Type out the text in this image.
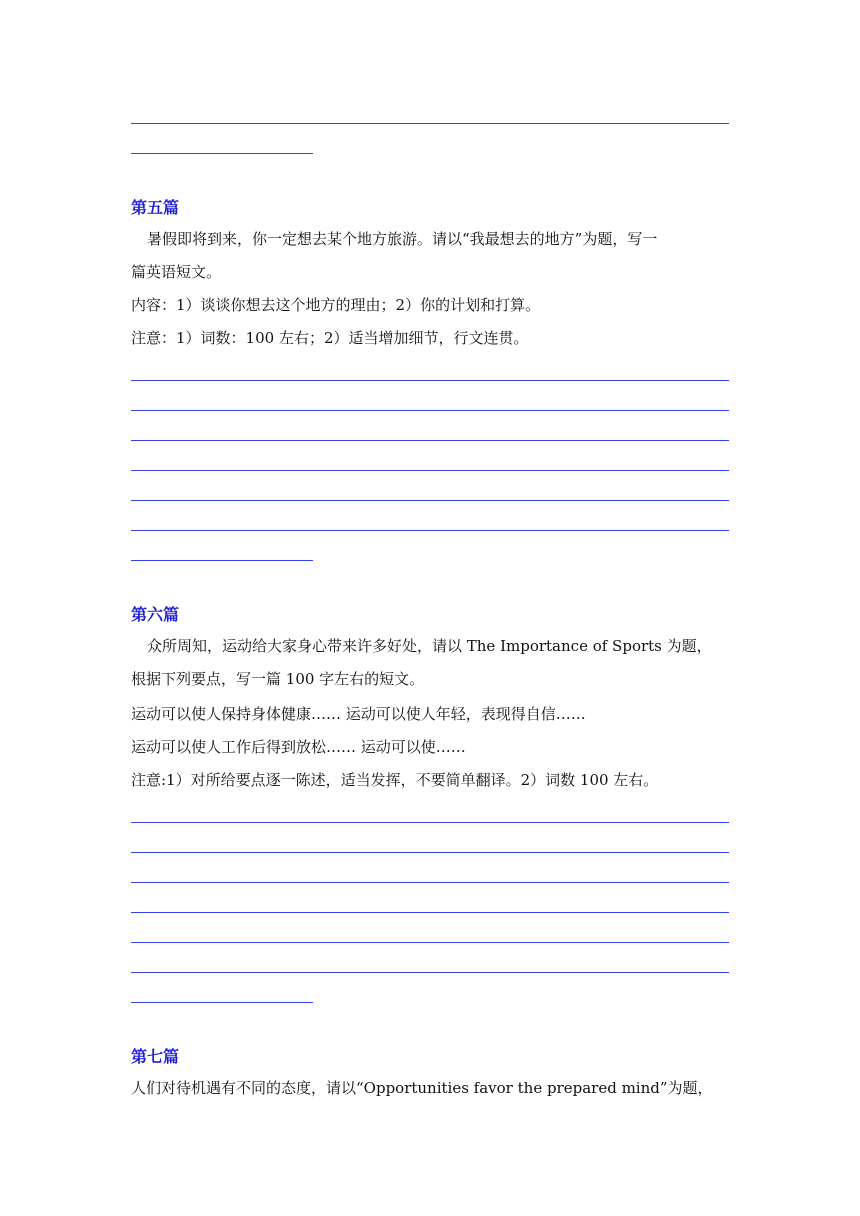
第五篇
暑假即将到来，你一定想去某个地方旅游。请以“我最想去的地方”为题，写一
篇英语短文。
内容：1）谈谈你想去这个地方的理由；2）你的计划和打算。
注意：1）词数：100 左右；2）适当增加细节，行文连贯。
第六篇
众所周知，运动给大家身心带来许多好处，请以 The Importance of Sports 为题，
根据下列要点，写一篇 100 字左右的短文。
运动可以使人保持身体健康…… 运动可以使人年轻，表现得自信……
运动可以使人工作后得到放松…… 运动可以使……
注意:1）对所给要点逐一陈述，适当发挥，不要简单翻译。2）词数 100 左右。
第七篇
人们对待机遇有不同的态度，请以“Opportunities favor the prepared mind”为题，
